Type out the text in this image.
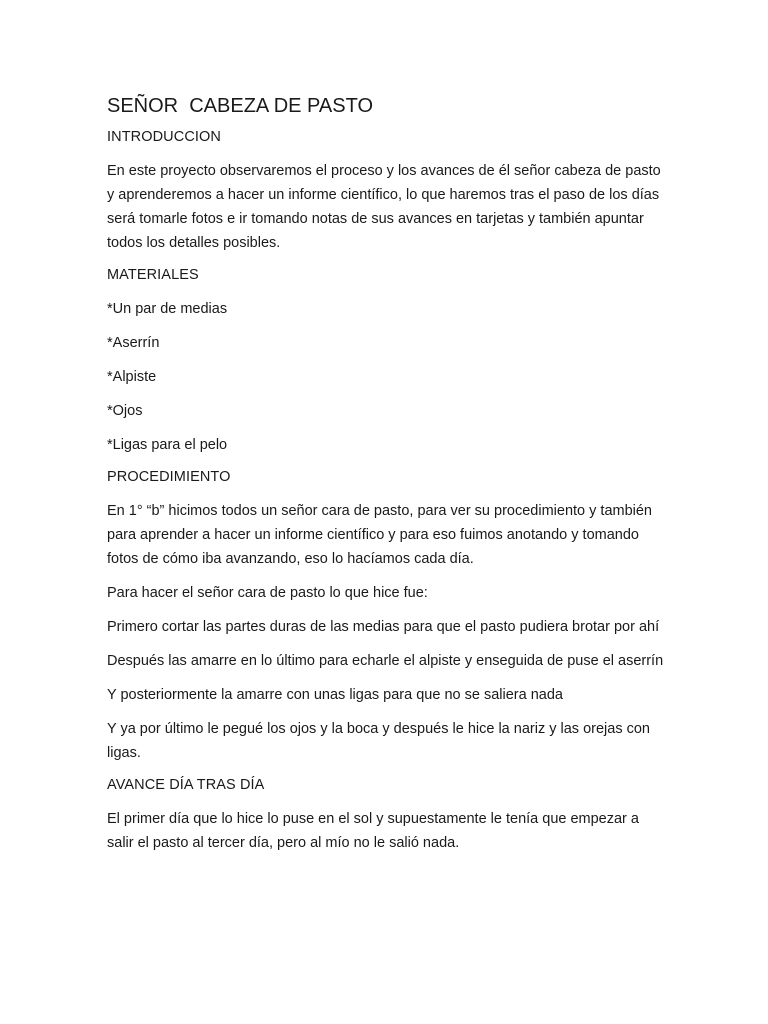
SEÑOR  CABEZA DE PASTO
INTRODUCCION

En este proyecto observaremos el proceso y los avances de él señor cabeza de pasto y aprenderemos a hacer un informe científico, lo que haremos tras el paso de los días será tomarle fotos e ir tomando notas de sus avances en tarjetas y también apuntar todos los detalles posibles.

MATERIALES
*Un par de medias
*Aserrín
*Alpiste
*Ojos
*Ligas para el pelo
PROCEDIMIENTO

En 1° “b” hicimos todos un señor cara de pasto, para ver su procedimiento y también para aprender a hacer un informe científico y para eso fuimos anotando y tomando fotos de cómo iba avanzando, eso lo hacíamos cada día.

Para hacer el señor cara de pasto lo que hice fue:

Primero cortar las partes duras de las medias para que el pasto pudiera brotar por ahí

Después las amarre en lo último para echarle el alpiste y enseguida de puse el aserrín

Y posteriormente la amarre con unas ligas para que no se saliera nada

Y ya por último le pegué los ojos y la boca y después le hice la nariz y las orejas con ligas.

AVANCE DÍA TRAS DÍA

El primer día que lo hice lo puse en el sol y supuestamente le tenía que empezar a salir el pasto al tercer día, pero al mío no le salió nada.
